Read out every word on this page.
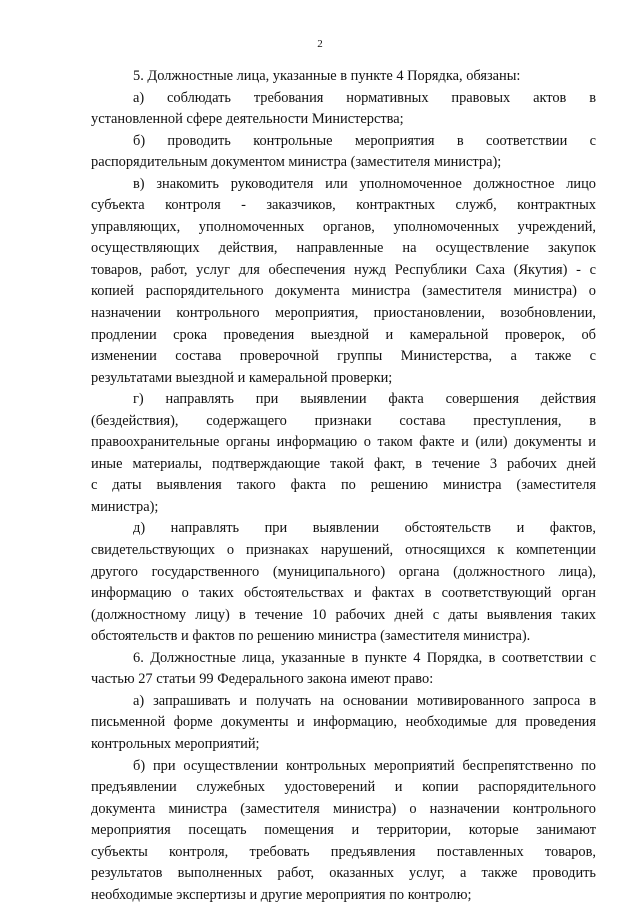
2
5. Должностные лица, указанные в пункте 4 Порядка, обязаны:
а) соблюдать требования нормативных правовых актов в
установленной сфере деятельности Министерства;
б) проводить контрольные мероприятия в соответствии с
распорядительным документом министра (заместителя министра);
в) знакомить руководителя или уполномоченное должностное лицо
субъекта контроля - заказчиков, контрактных служб, контрактных
управляющих, уполномоченных органов, уполномоченных учреждений,
осуществляющих действия, направленные на осуществление закупок
товаров, работ, услуг для обеспечения нужд Республики Саха (Якутия) - с
копией распорядительного документа министра (заместителя министра) о
назначении контрольного мероприятия, приостановлении, возобновлении,
продлении срока проведения выездной и камеральной проверок, об
изменении состава проверочной группы Министерства, а также с
результатами выездной и камеральной проверки;
г) направлять при выявлении факта совершения действия
(бездействия), содержащего признаки состава преступления, в
правоохранительные органы информацию о таком факте и (или) документы и
иные материалы, подтверждающие такой факт, в течение 3 рабочих дней
с даты выявления такого факта по решению министра (заместителя
министра);
д) направлять при выявлении обстоятельств и фактов,
свидетельствующих о признаках нарушений, относящихся к компетенции
другого государственного (муниципального) органа (должностного лица),
информацию о таких обстоятельствах и фактах в соответствующий орган
(должностному лицу) в течение 10 рабочих дней с даты выявления таких
обстоятельств и фактов по решению министра (заместителя министра).
6. Должностные лица, указанные в пункте 4 Порядка, в соответствии с
частью 27 статьи 99 Федерального закона имеют право:
а) запрашивать и получать на основании мотивированного запроса в
письменной форме документы и информацию, необходимые для проведения
контрольных мероприятий;
б) при осуществлении контрольных мероприятий беспрепятственно по
предъявлении служебных удостоверений и копии распорядительного
документа министра (заместителя министра) о назначении контрольного
мероприятия посещать помещения и территории, которые занимают
субъекты контроля, требовать предъявления поставленных товаров,
результатов выполненных работ, оказанных услуг, а также проводить
необходимые экспертизы и другие мероприятия по контролю;
